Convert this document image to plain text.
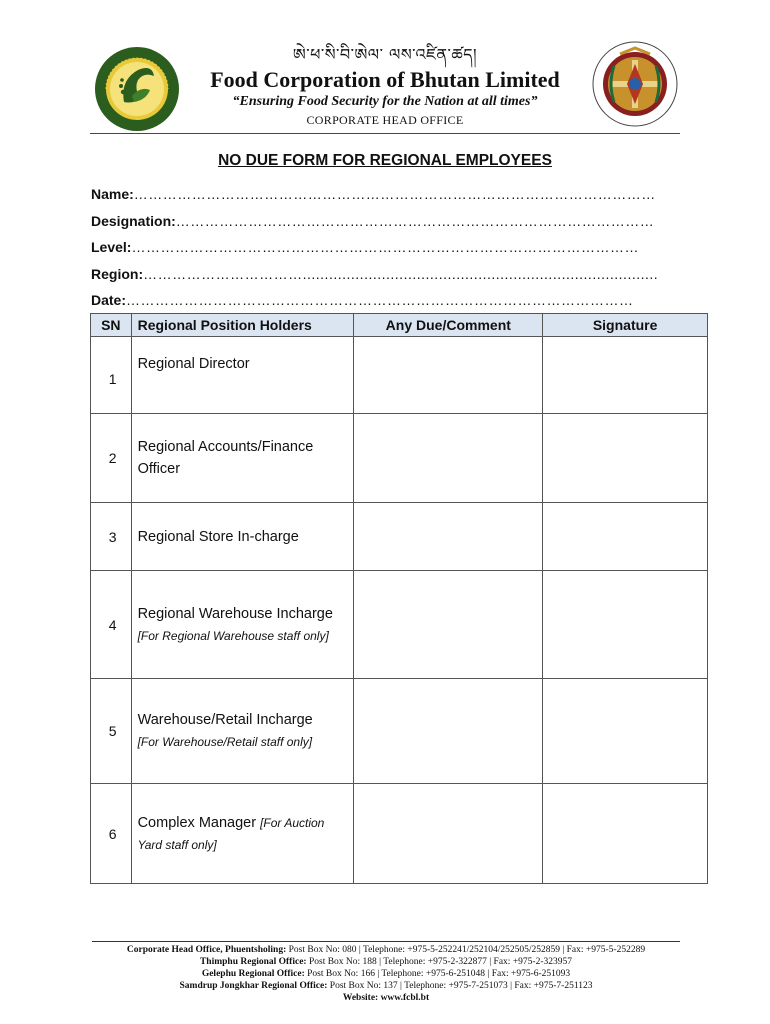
ཨེ་ཕ་སི་བི་ཨེལ་ ལས་འཛིན་ཚད།
Food Corporation of Bhutan Limited
“Ensuring Food Security for the Nation at all times”
CORPORATE HEAD OFFICE
NO DUE FORM FOR REGIONAL EMPLOYEES
Name:………………………………………………………………………………………………
Designation:………………………………………………………………………………………
Level:……………………………………………………………………………………………
Region:…………………………….................................................................................
Date:……………………………………………………………………………………………
SN	Regional Position Holders	Any Due/Comment	Signature
1	Regional Director		
2	Regional Accounts/Finance Officer		
3	Regional Store In-charge		
4	Regional Warehouse Incharge [For Regional Warehouse staff only]		
5	Warehouse/Retail Incharge
[For Warehouse/Retail staff only]		
6	Complex Manager [For Auction Yard staff only]		
Corporate Head Office, Phuentsholing: Post Box No: 080 | Telephone: +975-5-252241/252104/252505/252859 | Fax: +975-5-252289
Thimphu Regional Office: Post Box No: 188 | Telephone: +975-2-322877 | Fax: +975-2-323957
Gelephu Regional Office: Post Box No: 166 | Telephone: +975-6-251048 | Fax: +975-6-251093
Samdrup Jongkhar Regional Office: Post Box No: 137 | Telephone: +975-7-251073 | Fax: +975-7-251123
Website: www.fcbl.bt
